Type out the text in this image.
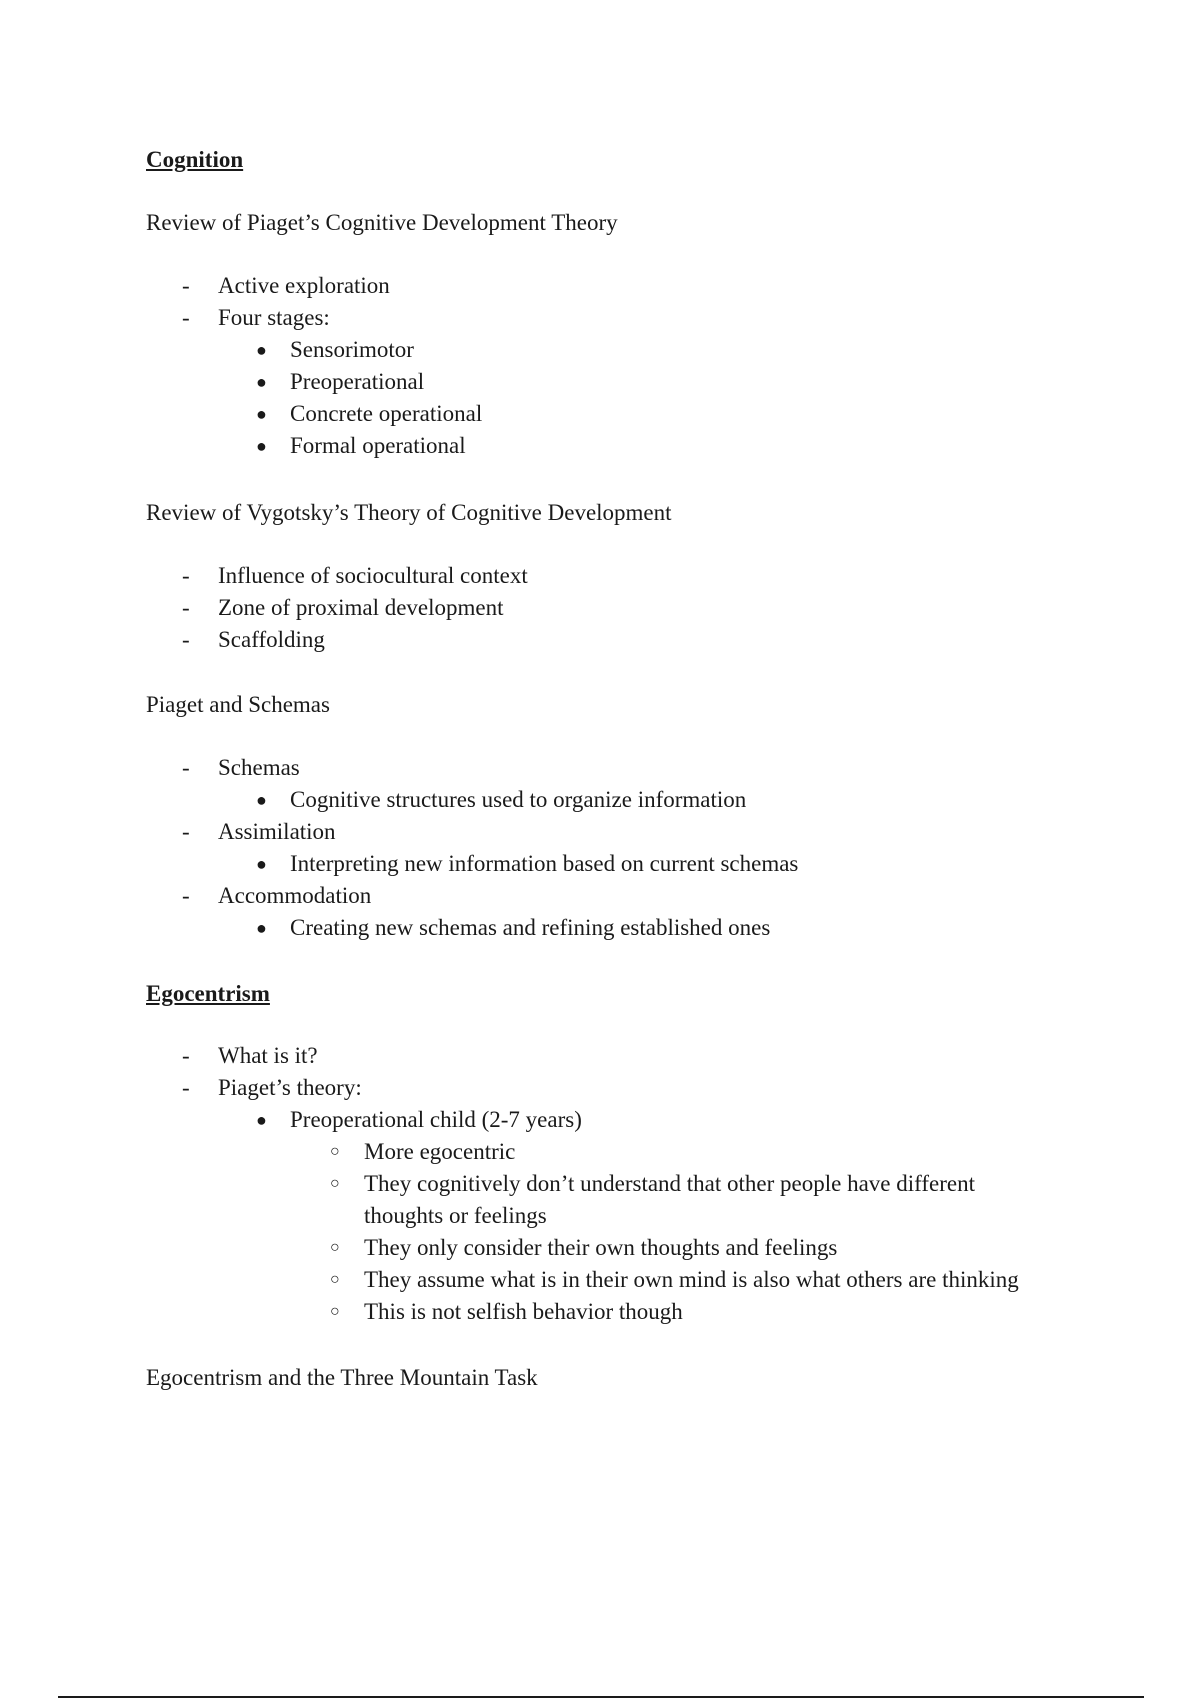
Cognition
Review of Piaget’s Cognitive Development Theory
- Active exploration
- Four stages:
● Sensorimotor
● Preoperational
● Concrete operational
● Formal operational
Review of Vygotsky’s Theory of Cognitive Development
- Influence of sociocultural context
- Zone of proximal development
- Scaffolding
Piaget and Schemas
- Schemas
● Cognitive structures used to organize information
- Assimilation
● Interpreting new information based on current schemas
- Accommodation
● Creating new schemas and refining established ones
Egocentrism
- What is it?
- Piaget’s theory:
● Preoperational child (2-7 years)
○ More egocentric
○ They cognitively don’t understand that other people have different
thoughts or feelings
○ They only consider their own thoughts and feelings
○ They assume what is in their own mind is also what others are thinking
○ This is not selfish behavior though
Egocentrism and the Three Mountain Task
